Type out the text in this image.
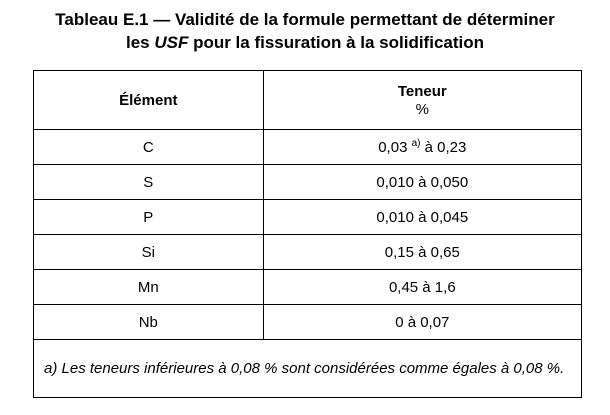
Tableau E.1 — Validité de la formule permettant de déterminer
les USF pour la fissuration à la solidification
Élément	Teneur
%

C	0,03 $^{a)}$ à 0,23
S	0,010 à 0,050
P	0,010 à 0,045
Si	0,15 à 0,65
Mn	0,45 à 1,6
Nb	0 à 0,07
a) Les teneurs inférieures à 0,08 % sont considérées comme égales à 0,08 %.	
